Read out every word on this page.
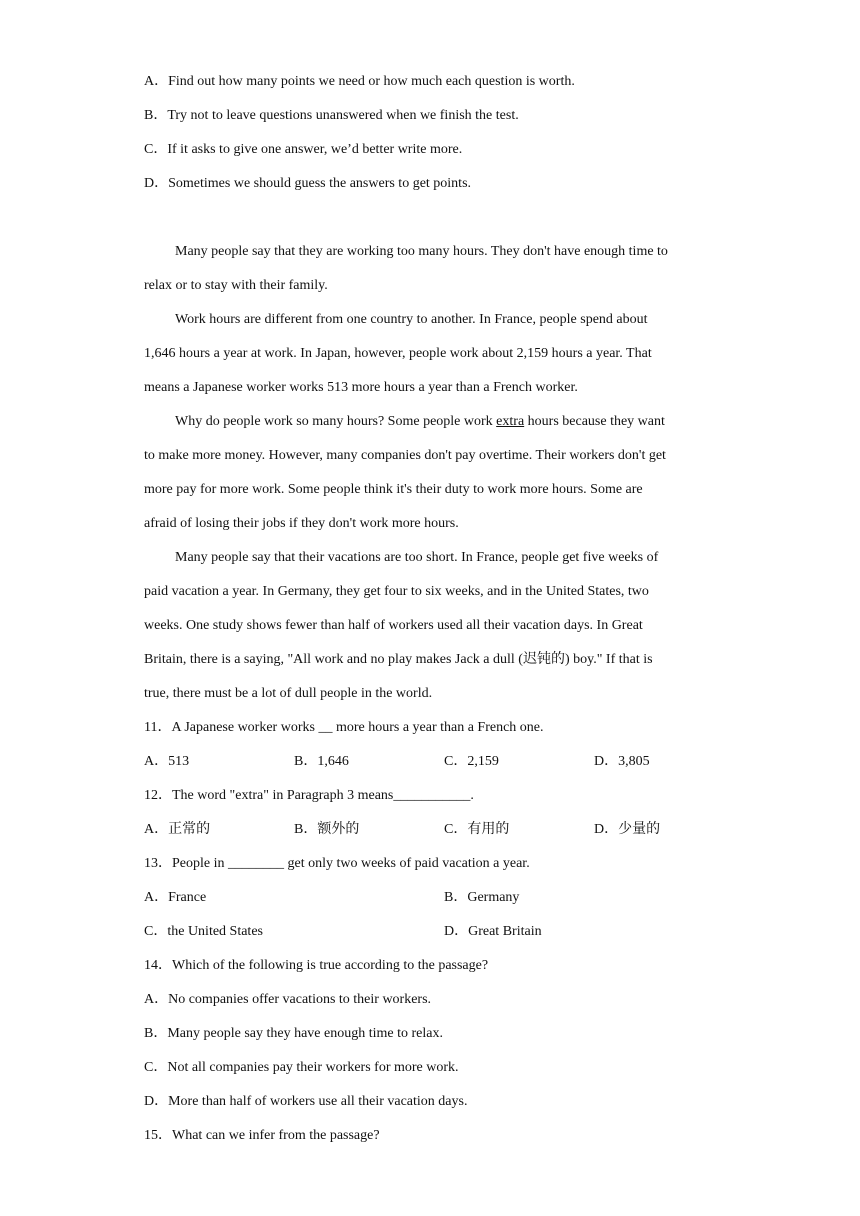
A．Find out how many points we need or how much each question is worth.
B．Try not to leave questions unanswered when we finish the test.
C．If it asks to give one answer, we’d better write more.
D．Sometimes we should guess the answers to get points.
Many people say that they are working too many hours. They don't have enough time to
relax or to stay with their family.
Work hours are different from one country to another. In France, people spend about
1,646 hours a year at work. In Japan, however, people work about 2,159 hours a year. That
means a Japanese worker works 513 more hours a year than a French worker.
Why do people work so many hours? Some people work extra hours because they want
to make more money. However, many companies don't pay overtime. Their workers don't get
more pay for more work. Some people think it's their duty to work more hours. Some are
afraid of losing their jobs if they don't work more hours.
Many people say that their vacations are too short. In France, people get five weeks of
paid vacation a year. In Germany, they get four to six weeks, and in the United States, two
weeks. One study shows fewer than half of workers used all their vacation days. In Great
Britain, there is a saying, "All work and no play makes Jack a dull (迟钝的) boy." If that is
true, there must be a lot of dull people in the world.
11．A Japanese worker works __ more hours a year than a French one.
A．513	B．1,646	C．2,159	D．3,805
12．The word "extra" in Paragraph 3 means___________.
A．正常的	B．额外的	C．有用的	D．少量的
13．People in ________ get only two weeks of paid vacation a year.
A．France	B．Germany
C．the United States	D．Great Britain
14．Which of the following is true according to the passage?
A．No companies offer vacations to their workers.
B．Many people say they have enough time to relax.
C．Not all companies pay their workers for more work.
D．More than half of workers use all their vacation days.
15．What can we infer from the passage?
